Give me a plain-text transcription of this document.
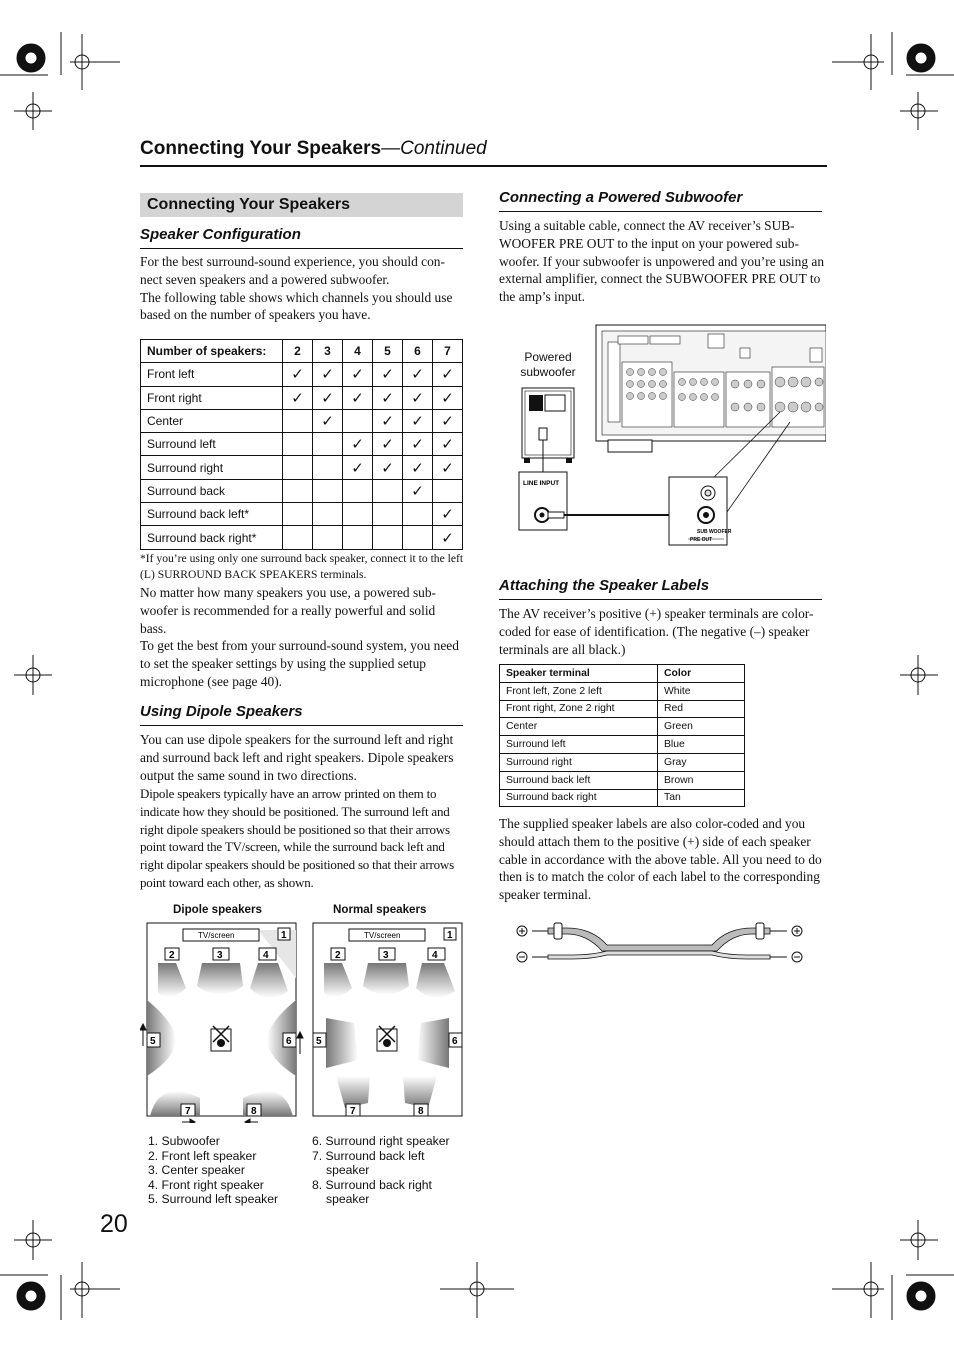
Connecting Your Speakers—Continued
Connecting Your Speakers
Speaker Configuration
For the best surround-sound experience, you should con-nect seven speakers and a powered subwoofer.
The following table shows which channels you should use based on the number of speakers you have.
Number of speakers:	2	3	4	5	6	7
Front left	✓	✓	✓	✓	✓	✓
Front right	✓	✓	✓	✓	✓	✓
Center		✓		✓	✓	✓
Surround left			✓	✓	✓	✓
Surround right			✓	✓	✓	✓
Surround back					✓	
Surround back left*						✓
Surround back right*						✓
*If you’re using only one surround back speaker, connect it to the left (L) SURROUND BACK SPEAKERS terminals.
No matter how many speakers you use, a powered sub-woofer is recommended for a really powerful and solid bass.
To get the best from your surround-sound system, you need to set the speaker settings by using the supplied setup microphone (see page 40).
Using Dipole Speakers
You can use dipole speakers for the surround left and right and surround back left and right speakers. Dipole speakers output the same sound in two directions.
Dipole speakers typically have an arrow printed on them to indicate how they should be positioned. The surround left and right dipole speakers should be positioned so that their arrows point toward the TV/screen, while the surround back left and right dipolar speakers should be positioned so that their arrows point toward each other, as shown.
Dipole speakers	Normal speakers
1
2	3	4
5	6
7	8
1
2	3	4
5	6
7	8
TV/screen	TV/screen
1. Subwoofer
2. Front left speaker
3. Center speaker
4. Front right speaker
5. Surround left speaker
6. Surround right speaker
7. Surround back left
speaker
8. Surround back right
speaker
20
Connecting a Powered Subwoofer
Using a suitable cable, connect the AV receiver’s SUB-WOOFER PRE OUT to the input on your powered sub-woofer. If your subwoofer is unpowered and you’re using an external amplifier, connect the SUBWOOFER PRE OUT to the amp’s input.
Powered
subwoofer
LINE INPUT
SUB WOOFER
PRE OUT
Attaching the Speaker Labels
The AV receiver’s positive (+) speaker terminals are color-coded for ease of identification. (The negative (–) speaker terminals are all black.)
Speaker terminal	Color
Front left, Zone 2 left	White
Front right, Zone 2 right	Red
Center	Green
Surround left	Blue
Surround right	Gray
Surround back left	Brown
Surround back right	Tan
The supplied speaker labels are also color-coded and you should attach them to the positive (+) side of each speaker cable in accordance with the above table. All you need to do then is to match the color of each label to the corresponding speaker terminal.
